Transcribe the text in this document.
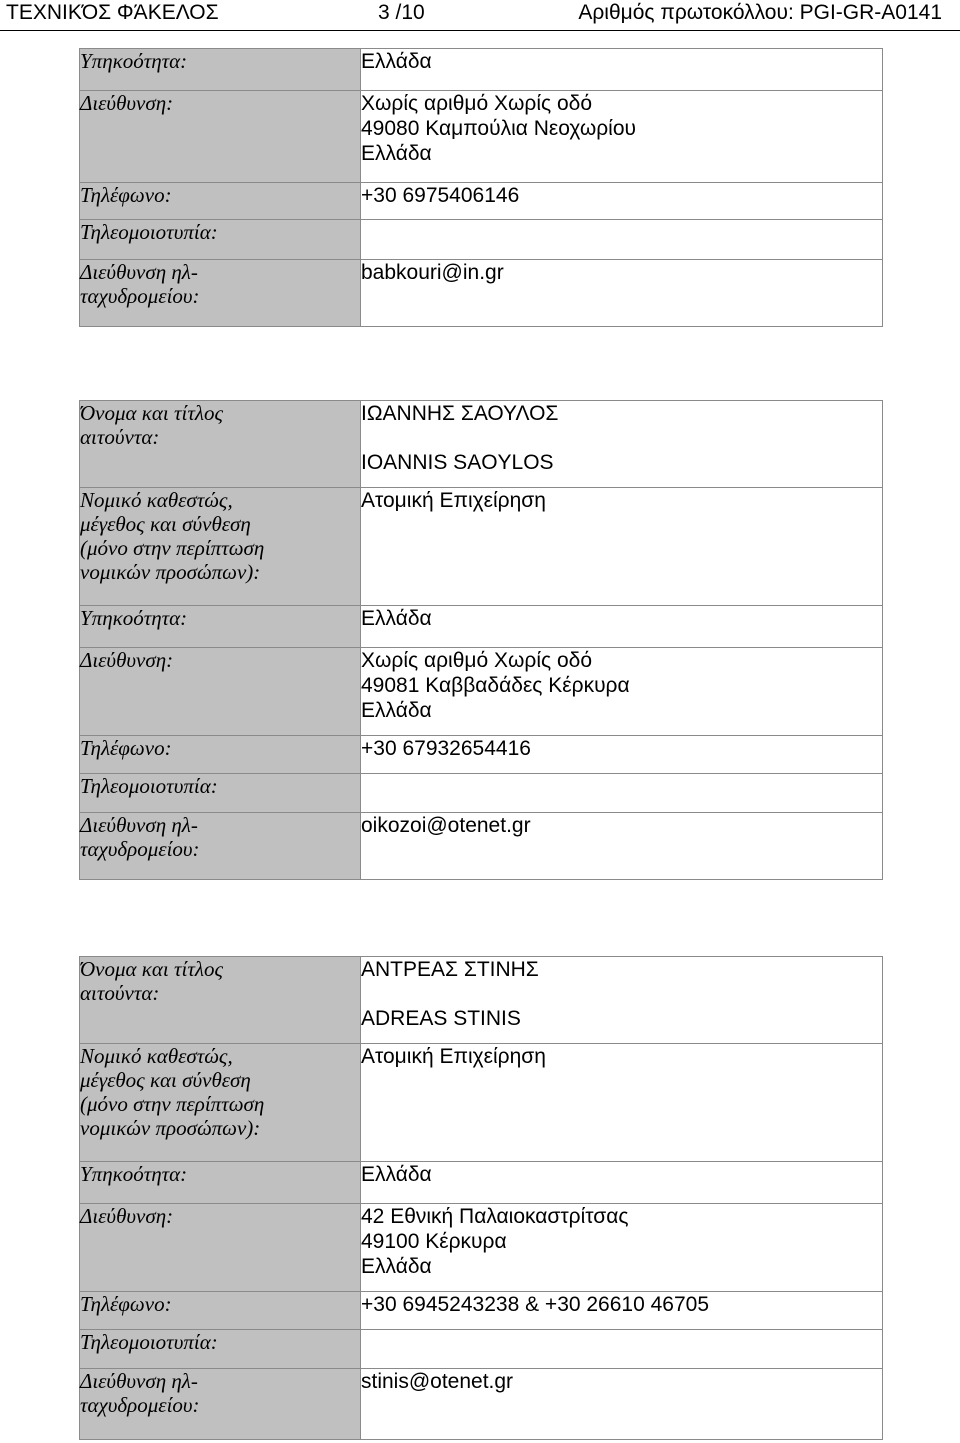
ΤΕΧΝΙΚΌΣ ΦΆΚΕΛΟΣ	3 /10	Αριθμός πρωτοκόλλου: PGI-GR-A0141
Υπηκοότητα:	Ελλάδα
Διεύθυνση:	Χωρίς αριθμό Χωρίς οδό
49080 Καμπούλια Νεοχωρίου
Ελλάδα

Τηλέφωνο:	+30 6975406146
Τηλεομοιοτυπία:	

Διεύθυνση ηλ-
ταχυδρομείου:	babkouri@in.gr
Όνομα και τίτλος
αιτούντα:	ΙΩΑΝΝΗΣ ΣΑΟΥΛΟΣ
IOANNIS SAOYLOS

Νομικό καθεστώς,
μέγεθος και σύνθεση
(μόνο στην περίπτωση
νομικών προσώπων):	Ατομική Επιχείρηση
Υπηκοότητα:	Ελλάδα
Διεύθυνση:	Χωρίς αριθμό Χωρίς οδό
49081 Καββαδάδες Κέρκυρα
Ελλάδα

Τηλέφωνο:	+30 67932654416
Τηλεομοιοτυπία:	

Διεύθυνση ηλ-
ταχυδρομείου:	oikozoi@otenet.gr
Όνομα και τίτλος
αιτούντα:	ΑΝΤΡΕΑΣ ΣΤΙΝΗΣ
ADREAS STINIS

Νομικό καθεστώς,
μέγεθος και σύνθεση
(μόνο στην περίπτωση
νομικών προσώπων):	Ατομική Επιχείρηση
Υπηκοότητα:	Ελλάδα
Διεύθυνση:	42 Εθνική Παλαιοκαστρίτσας
49100 Κέρκυρα
Ελλάδα

Τηλέφωνο:	+30 6945243238 & +30 26610 46705
Τηλεομοιοτυπία:	

Διεύθυνση ηλ-
ταχυδρομείου:	stinis@otenet.gr
